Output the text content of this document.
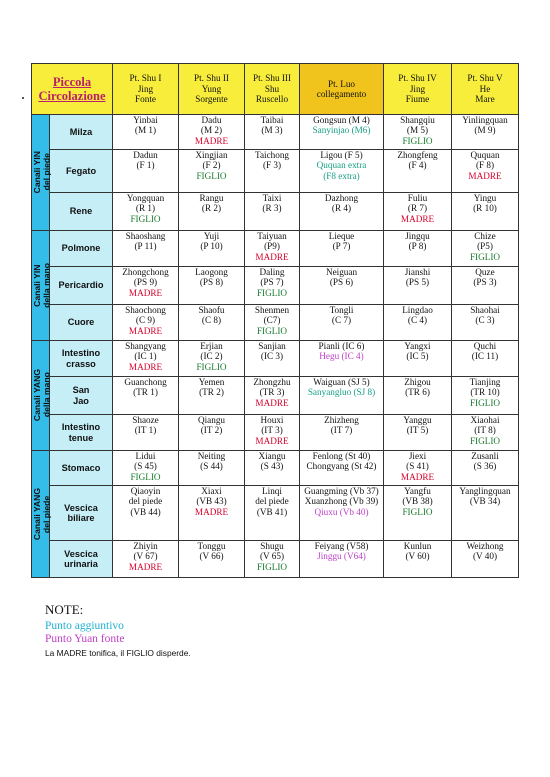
Piccola
Circolazione		Pt. Shu I
Jing
Fonte	Pt. Shu II
Yung
Sorgente	Pt. Shu III
Shu
Ruscello	Pt. Luo
collegamento	Pt. Shu IV
Jing
Fiume	Pt. Shu V
He
Mare

Canali YIN
del piede	Milza	Yinbai
(M 1)	Dadu
(M 2)
MADRE	Taibai
(M 3)	Gongsun (M 4)
Sanyinjao (M6)	Shangqiu
(M 5)
FIGLIO	Yinlingquan
(M 9)

	Fegato	Dadun
(F 1)	Xingjian
(F 2)
FIGLIO	Taichong
(F 3)	Ligou (F 5)
Ququan extra
(F8 extra)	Zhongfeng
(F 4)	Ququan
(F 8)
MADRE

	Rene	Yongquan
(R 1)
FIGLIO	Rangu
(R 2)	Taixi
(R 3)	Dazhong
(R 4)	Fuliu
(R 7)
MADRE	Yingu
(R 10)

Canali YIN
della mano	Polmone	Shaoshang
(P 11)	Yuji
(P 10)	Taiyuan
(P9)
MADRE	Lieque
(P 7)	Jingqu
(P 8)	Chize
(P5)
FIGLIO

	Pericardio	Zhongchong
(PS 9)
MADRE	Laogong
(PS 8)	Daling
(PS 7)
FIGLIO	Neiguan
(PS 6)	Jianshi
(PS 5)	Quze
(PS 3)

	Cuore	Shaochong
(C 9)
MADRE	Shaofu
(C 8)	Shenmen
(C7)
FIGLIO	Tongli
(C 7)	Lingdao
(C 4)	Shaohai
(C 3)

Canali YANG
della mano	Intestino
crasso	Shangyang
(IC 1)
MADRE	Erjian
(IC 2)
FIGLIO	Sanjian
(IC 3)	Pianli (IC 6)
Hegu (IC 4)	Yangxi
(IC 5)	Quchi
(IC 11)

	San
Jao	Guanchong
(TR 1)	Yemen
(TR 2)	Zhongzhu
(TR 3)
MADRE	Waiguan (SJ 5)
Sanyangluo (SJ 8)	Zhigou
(TR 6)	Tianjing
(TR 10)
FIGLIO

	Intestino
tenue	Shaoze
(IT 1)	Qiangu
(IT 2)	Houxi
(IT 3)
MADRE	Zhizheng
(IT 7)	Yanggu
(IT 5)	Xiaohai
(IT 8)
FIGLIO

Canali YANG
del piede	Stomaco	Lidui
(S 45)
FIGLIO	Neiting
(S 44)	Xiangu
(S 43)	Fenlong (St 40)
Chongyang (St 42)	Jiexi
(S 41)
MADRE	Zusanli
(S 36)

	Vescica
biliare	Qiaoyin
del piede
(VB 44)	Xiaxi
(VB 43)
MADRE	Linqi
del piede
(VB 41)	Guangming (Vb 37)
Xuanzhong (Vb 39)
Qiuxu (Vb 40)	Yangfu
(VB 38)
FIGLIO	Yanglingquan
(VB 34)

	Vescica
urinaria	Zhiyin
(V 67)
MADRE	Tonggu
(V 66)	Shugu
(V 65)
FIGLIO	Feiyang (V58)
Jinggu (V64)	Kunlun
(V 60)	Weizhong
(V 40)
NOTE:
Punto aggiuntivo
Punto Yuan fonte
La MADRE tonifica, il FIGLIO disperde.
